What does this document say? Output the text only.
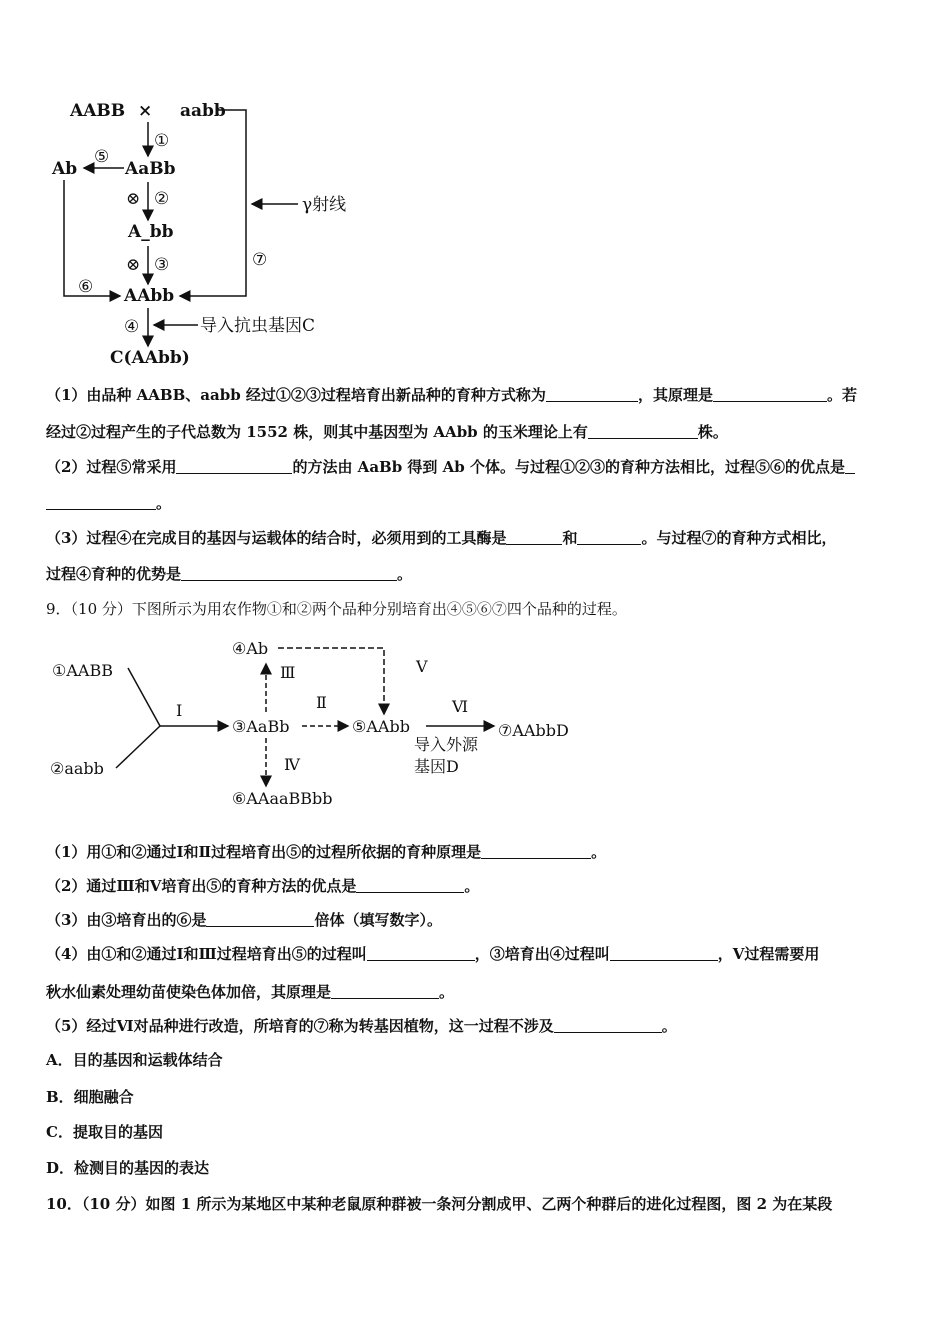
AABB × aabb
AaBb
Ab
A_bb
AAbb
C(AAbb)
①
⊗ ②
⊗ ③
④
⑤
⑥
⑦
γ射线
导入抗虫基因C
（1）由品种 AABB、aabb 经过①②③过程培育出新品种的育种方式称为	，其原理是	。若
经过②过程产生的子代总数为 1552 株，则其中基因型为 AAbb 的玉米理论上有	株。
（2）过程⑤常采用	的方法由 AaBb 得到 Ab 个体。与过程①②③的育种方法相比，过程⑤⑥的优点是
。
（3）过程④在完成目的基因与运载体的结合时，必须用到的工具酶是	和	。与过程⑦的育种方式相比，
过程④育种的优势是	。
9．（10 分）下图所示为用农作物①和②两个品种分别培育出④⑤⑥⑦四个品种的过程。
①AABB
②aabb
③AaBb
④Ab
⑤AAbb
⑥AAaaBBbb
⑦AAbbD
Ⅰ	Ⅱ
Ⅲ
Ⅳ
Ⅴ
Ⅵ
导入外源
基因D
（1）用①和②通过Ⅰ和Ⅱ过程培育出⑤的过程所依据的育种原理是	。
（2）通过Ⅲ和Ⅴ培育出⑤的育种方法的优点是	。
（3）由③培育出的⑥是	倍体（填写数字）。
（4）由①和②通过Ⅰ和Ⅲ过程培育出⑤的过程叫	，③培育出④过程叫	，Ⅴ过程需要用
秋水仙素处理幼苗使染色体加倍，其原理是	。
（5）经过Ⅵ对品种进行改造，所培育的⑦称为转基因植物，这一过程不涉及	。
A．目的基因和运载体结合
B．细胞融合
C．提取目的基因
D．检测目的基因的表达
10．（10 分）如图 1 所示为某地区中某种老鼠原种群被一条河分割成甲、乙两个种群后的进化过程图，图 2 为在某段
